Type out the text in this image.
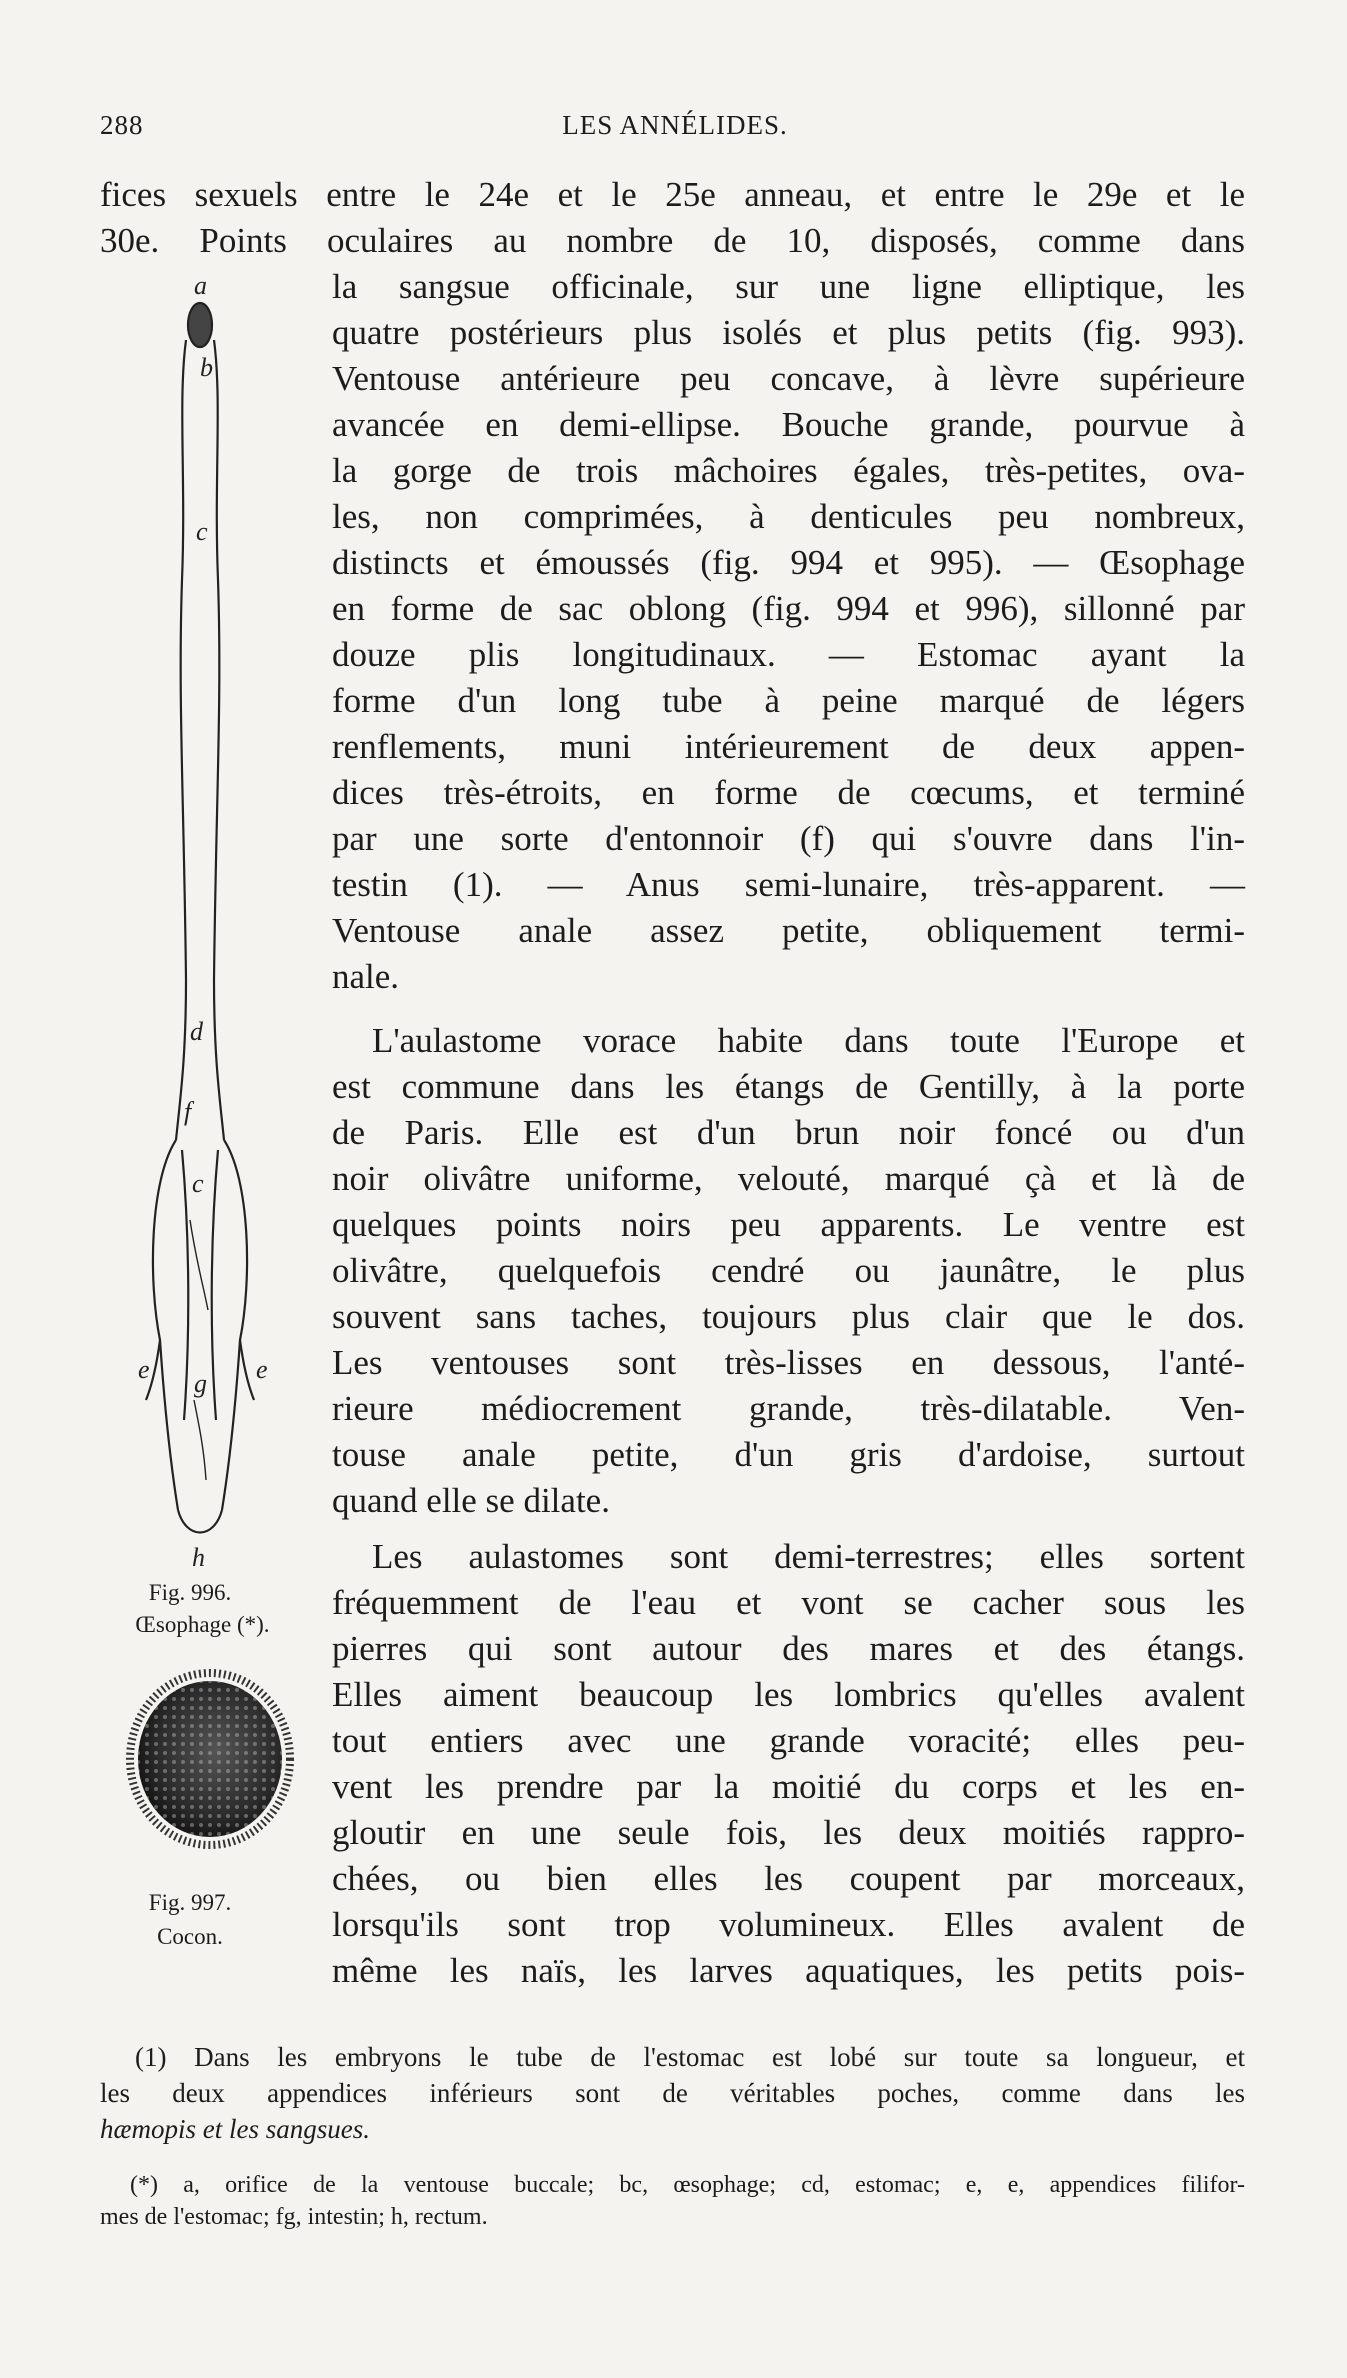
288	LES ANNÉLIDES.
fices sexuels entre le 24e et le 25e anneau, et entre le 29e et le
30e. Points oculaires au nombre de 10, disposés, comme dans
la sangsue officinale, sur une ligne elliptique, les
quatre postérieurs plus isolés et plus petits (fig. 993).
Ventouse antérieure peu concave, à lèvre supérieure
avancée en demi-ellipse. Bouche grande, pourvue à
la gorge de trois mâchoires égales, très-petites, ova-
les, non comprimées, à denticules peu nombreux,
distincts et émoussés (fig. 994 et 995). — Œsophage
en forme de sac oblong (fig. 994 et 996), sillonné par
douze plis longitudinaux. — Estomac ayant la
forme d'un long tube à peine marqué de légers
renflements, muni intérieurement de deux appen-
dices très-étroits, en forme de cœcums, et terminé
par une sorte d'entonnoir (f) qui s'ouvre dans l'in-
testin (1). — Anus semi-lunaire, très-apparent. —
Ventouse anale assez petite, obliquement termi-
nale.
L'aulastome vorace habite dans toute l'Europe et
est commune dans les étangs de Gentilly, à la porte
de Paris. Elle est d'un brun noir foncé ou d'un
noir olivâtre uniforme, velouté, marqué çà et là de
quelques points noirs peu apparents. Le ventre est
olivâtre, quelquefois cendré ou jaunâtre, le plus
souvent sans taches, toujours plus clair que le dos.
Les ventouses sont très-lisses en dessous, l'anté-
rieure médiocrement grande, très-dilatable. Ven-
touse anale petite, d'un gris d'ardoise, surtout
quand elle se dilate.
Les aulastomes sont demi-terrestres; elles sortent
fréquemment de l'eau et vont se cacher sous les
pierres qui sont autour des mares et des étangs.
Elles aiment beaucoup les lombrics qu'elles avalent
tout entiers avec une grande voracité; elles peu-
vent les prendre par la moitié du corps et les en-
gloutir en une seule fois, les deux moitiés rappro-
chées, ou bien elles les coupent par morceaux,
lorsqu'ils sont trop volumineux. Elles avalent de
même les naïs, les larves aquatiques, les petits pois-
a
b
c
d
f
c
e	e
g
h
Fig. 996.
Œsophage (*).
Fig. 997.
Cocon.
(1) Dans les embryons le tube de l'estomac est lobé sur toute sa longueur, et
les deux appendices inférieurs sont de véritables poches, comme dans les
hæmopis et les sangsues.
(*) a, orifice de la ventouse buccale; bc, œsophage; cd, estomac; e, e, appendices filifor-
mes de l'estomac; fg, intestin; h, rectum.
